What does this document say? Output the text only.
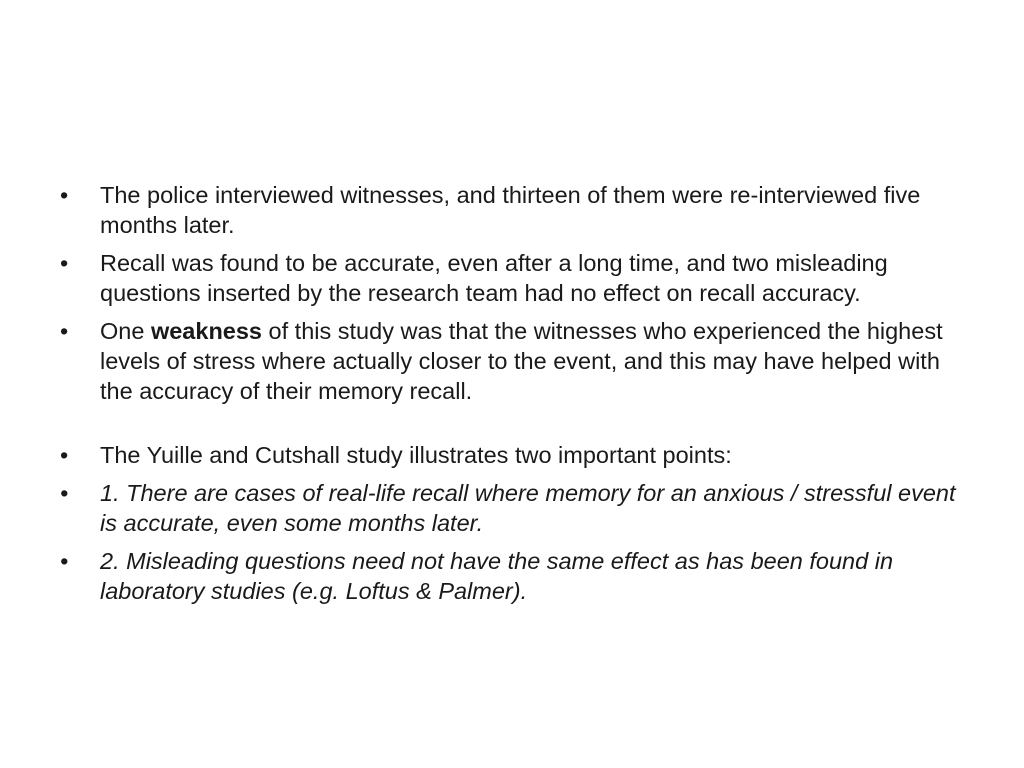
• The police interviewed witnesses, and thirteen of them were re-interviewed five months later.
• Recall was found to be accurate, even after a long time, and two misleading questions inserted by the research team had no effect on recall accuracy.
• One weakness of this study was that the witnesses who experienced the highest levels of stress where actually closer to the event, and this may have helped with the accuracy of their memory recall.
• The Yuille and Cutshall study illustrates two important points:
• 1. There are cases of real-life recall where memory for an anxious / stressful event is accurate, even some months later.
• 2. Misleading questions need not have the same effect as has been found in laboratory studies (e.g. Loftus & Palmer).
